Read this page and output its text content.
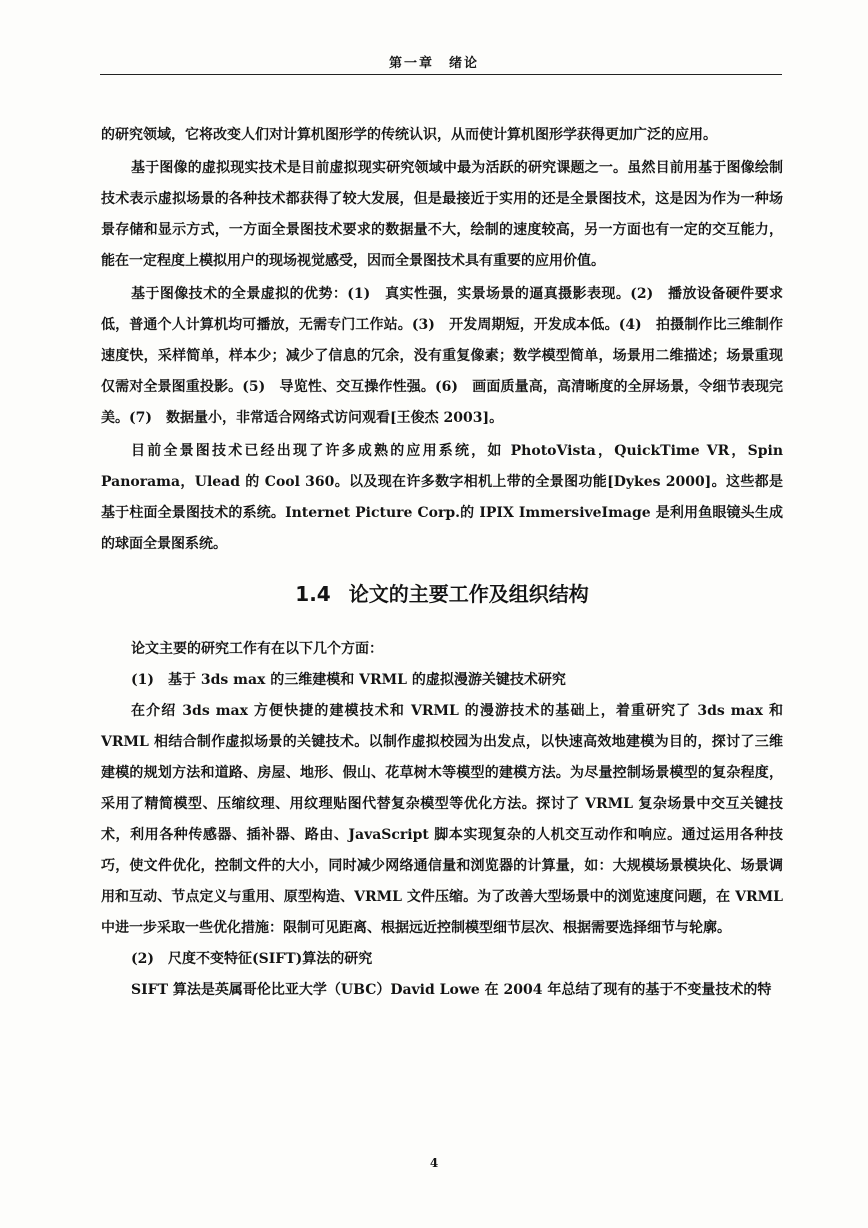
第一章　绪论

的研究领域，它将改变人们对计算机图形学的传统认识，从而使计算机图形学获得更加广泛的应用。

基于图像的虚拟现实技术是目前虚拟现实研究领域中最为活跃的研究课题之一。虽然目前用基于图像绘制技术表示虚拟场景的各种技术都获得了较大发展，但是最接近于实用的还是全景图技术，这是因为作为一种场景存储和显示方式，一方面全景图技术要求的数据量不大，绘制的速度较高，另一方面也有一定的交互能力，能在一定程度上模拟用户的现场视觉感受，因而全景图技术具有重要的应用价值。

基于图像技术的全景虚拟的优势：(1)　真实性强，实景场景的逼真摄影表现。(2)　播放设备硬件要求低，普通个人计算机均可播放，无需专门工作站。(3)　开发周期短，开发成本低。(4)　拍摄制作比三维制作速度快，采样简单，样本少；减少了信息的冗余，没有重复像素；数学模型简单，场景用二维描述；场景重现仅需对全景图重投影。(5)　导览性、交互操作性强。(6)　画面质量高，高清晰度的全屏场景，令细节表现完美。(7)　数据量小，非常适合网络式访问观看[王俊杰 2003]。

目前全景图技术已经出现了许多成熟的应用系统，如 PhotoVista，QuickTime VR，Spin Panorama，Ulead 的 Cool 360。以及现在许多数字相机上带的全景图功能[Dykes 2000]。这些都是基于柱面全景图技术的系统。Internet Picture Corp.的 IPIX ImmersiveImage 是利用鱼眼镜头生成的球面全景图系统。

1.4 论文的主要工作及组织结构

论文主要的研究工作有在以下几个方面：

(1)　基于 3ds max 的三维建模和 VRML 的虚拟漫游关键技术研究

在介绍 3ds max 方便快捷的建模技术和 VRML 的漫游技术的基础上，着重研究了 3ds max 和 VRML 相结合制作虚拟场景的关键技术。以制作虚拟校园为出发点，以快速高效地建模为目的，探讨了三维建模的规划方法和道路、房屋、地形、假山、花草树木等模型的建模方法。为尽量控制场景模型的复杂程度，采用了精简模型、压缩纹理、用纹理贴图代替复杂模型等优化方法。探讨了 VRML 复杂场景中交互关键技术，利用各种传感器、插补器、路由、JavaScript 脚本实现复杂的人机交互动作和响应。通过运用各种技巧，使文件优化，控制文件的大小，同时减少网络通信量和浏览器的计算量，如：大规模场景模块化、场景调用和互动、节点定义与重用、原型构造、VRML 文件压缩。为了改善大型场景中的浏览速度问题，在 VRML 中进一步采取一些优化措施：限制可见距离、根据远近控制模型细节层次、根据需要选择细节与轮廓。

(2)　尺度不变特征(SIFT)算法的研究

SIFT 算法是英属哥伦比亚大学（UBC）David Lowe 在 2004 年总结了现有的基于不变量技术的特

4
